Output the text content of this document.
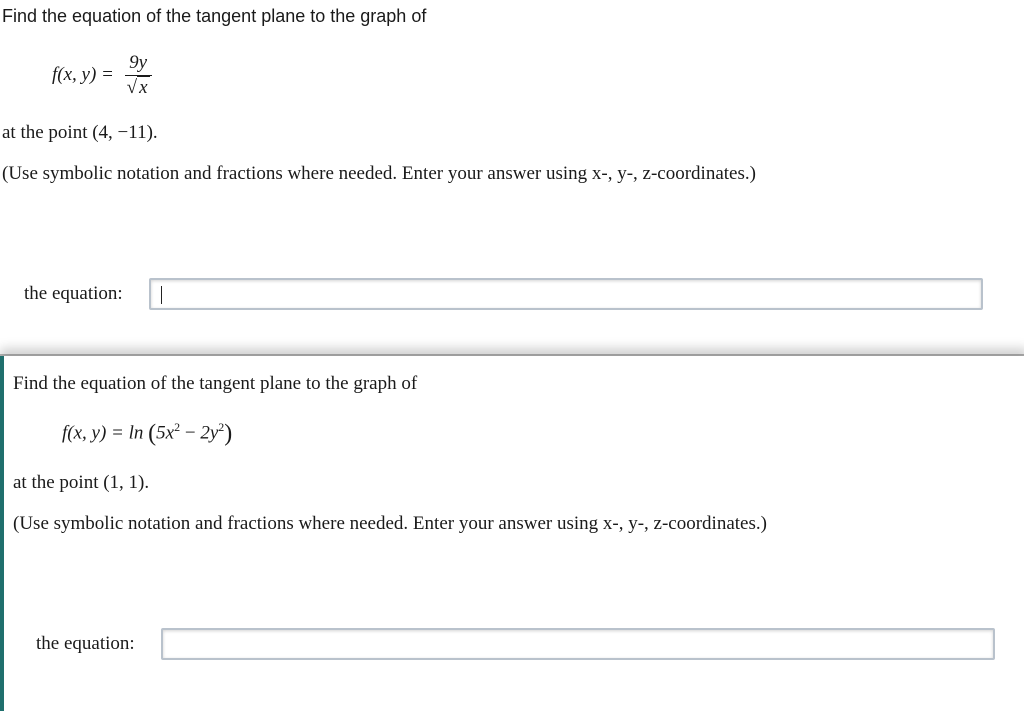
Find the equation of the tangent plane to the graph of
f(x, $y) = \frac{9y}{√ x}$
at the point (4, −11).
(Use symbolic notation and fractions where needed. Enter your answer using x-, y-, z-coordinates.)
the equation:
Find the equation of the tangent plane to the graph of
f(x, $y) = \ln (5x^2 - 2y^2)$
at the point (1, 1).
(Use symbolic notation and fractions where needed. Enter your answer using x-, y-, z-coordinates.)
the equation:
